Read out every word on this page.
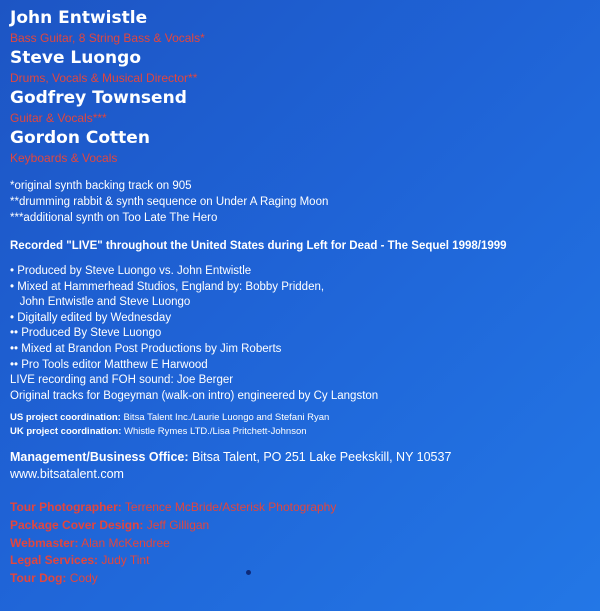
John Entwistle
Bass Guitar, 8 String Bass & Vocals*
Steve Luongo
Drums, Vocals & Musical Director**
Godfrey Townsend
Guitar & Vocals***
Gordon Cotten
Keyboards & Vocals
*original synth backing track on 905
**drumming rabbit & synth sequence on Under A Raging Moon
***additional synth on Too Late The Hero
Recorded "LIVE" throughout the United States during Left for Dead - The Sequel 1998/1999
• Produced by Steve Luongo vs. John Entwistle
• Mixed at Hammerhead Studios, England by: Bobby Pridden,
John Entwistle and Steve Luongo
• Digitally edited by Wednesday
•• Produced By Steve Luongo
•• Mixed at Brandon Post Productions by Jim Roberts
•• Pro Tools editor Matthew E Harwood
LIVE recording and FOH sound: Joe Berger
Original tracks for Bogeyman (walk-on intro) engineered by Cy Langston
US project coordination: Bitsa Talent Inc./Laurie Luongo and Stefani Ryan
UK project coordination: Whistle Rymes LTD./Lisa Pritchett-Johnson
Management/Business Office: Bitsa Talent, PO 251 Lake Peekskill, NY 10537
www.bitsatalent.com
Tour Photographer: Terrence McBride/Asterisk Photography
Package Cover Design: Jeff Gilligan
Webmaster: Alan McKendree
Legal Services: Judy Tint
Tour Dog: Cody
